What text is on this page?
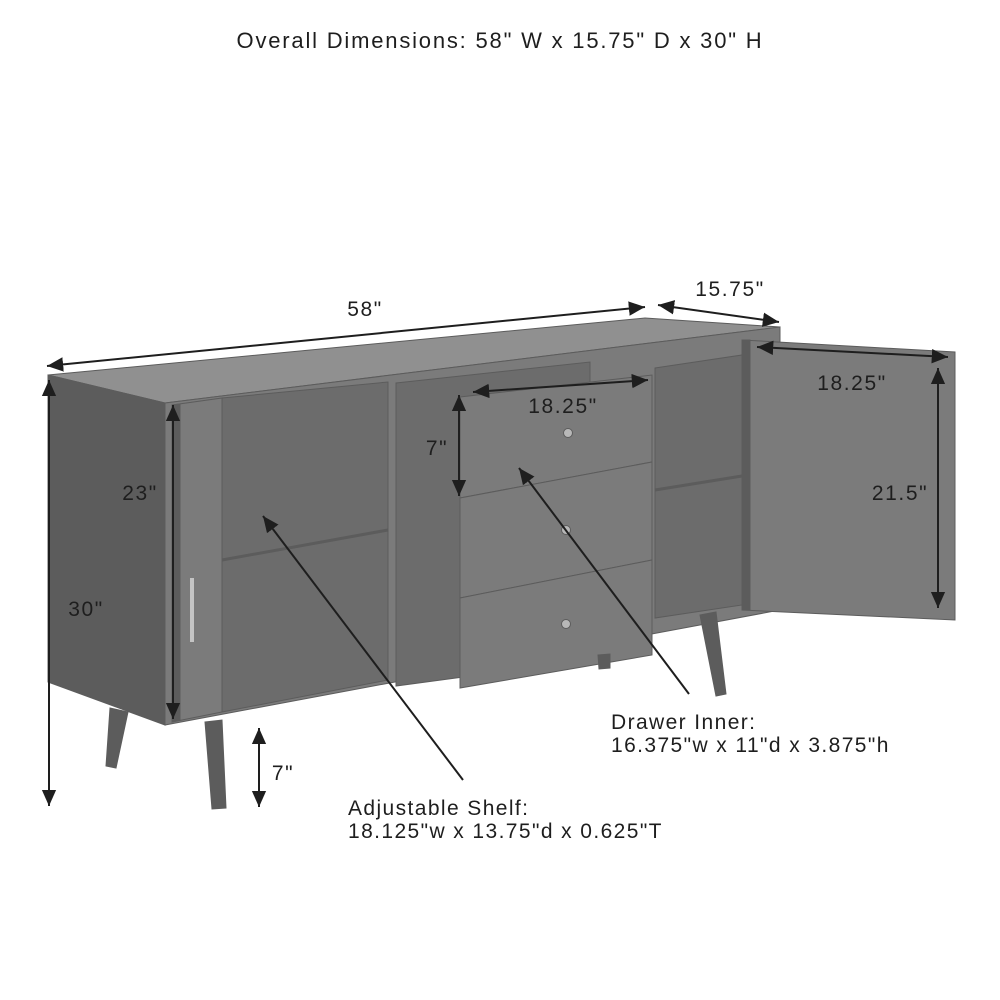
Overall Dimensions: 58" W x 15.75" D x 30" H
58"
15.75"
30"
23"
7"
7"
18.25"
18.25"
21.5"
Drawer Inner:
16.375"w x 11"d x 3.875"h
Adjustable Shelf:
18.125"w x 13.75"d x 0.625"T
